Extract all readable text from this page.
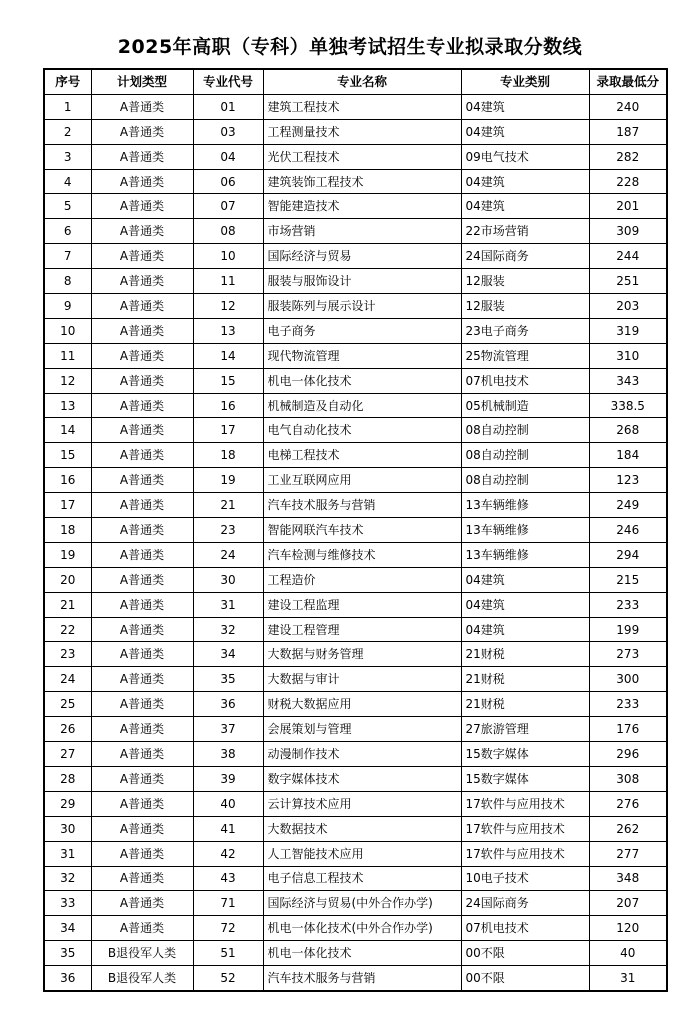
2025年高职（专科）单独考试招生专业拟录取分数线
序号	计划类型	专业代号	专业名称	专业类别	录取最低分
1	A普通类	01	建筑工程技术	04建筑	240
2	A普通类	03	工程测量技术	04建筑	187
3	A普通类	04	光伏工程技术	09电气技术	282
4	A普通类	06	建筑装饰工程技术	04建筑	228
5	A普通类	07	智能建造技术	04建筑	201
6	A普通类	08	市场营销	22市场营销	309
7	A普通类	10	国际经济与贸易	24国际商务	244
8	A普通类	11	服装与服饰设计	12服装	251
9	A普通类	12	服装陈列与展示设计	12服装	203
10	A普通类	13	电子商务	23电子商务	319
11	A普通类	14	现代物流管理	25物流管理	310
12	A普通类	15	机电一体化技术	07机电技术	343
13	A普通类	16	机械制造及自动化	05机械制造	338.5
14	A普通类	17	电气自动化技术	08自动控制	268
15	A普通类	18	电梯工程技术	08自动控制	184
16	A普通类	19	工业互联网应用	08自动控制	123
17	A普通类	21	汽车技术服务与营销	13车辆维修	249
18	A普通类	23	智能网联汽车技术	13车辆维修	246
19	A普通类	24	汽车检测与维修技术	13车辆维修	294
20	A普通类	30	工程造价	04建筑	215
21	A普通类	31	建设工程监理	04建筑	233
22	A普通类	32	建设工程管理	04建筑	199
23	A普通类	34	大数据与财务管理	21财税	273
24	A普通类	35	大数据与审计	21财税	300
25	A普通类	36	财税大数据应用	21财税	233
26	A普通类	37	会展策划与管理	27旅游管理	176
27	A普通类	38	动漫制作技术	15数字媒体	296
28	A普通类	39	数字媒体技术	15数字媒体	308
29	A普通类	40	云计算技术应用	17软件与应用技术	276
30	A普通类	41	大数据技术	17软件与应用技术	262
31	A普通类	42	人工智能技术应用	17软件与应用技术	277
32	A普通类	43	电子信息工程技术	10电子技术	348
33	A普通类	71	国际经济与贸易(中外合作办学)	24国际商务	207
34	A普通类	72	机电一体化技术(中外合作办学)	07机电技术	120
35	B退役军人类	51	机电一体化技术	00不限	40
36	B退役军人类	52	汽车技术服务与营销	00不限	31
